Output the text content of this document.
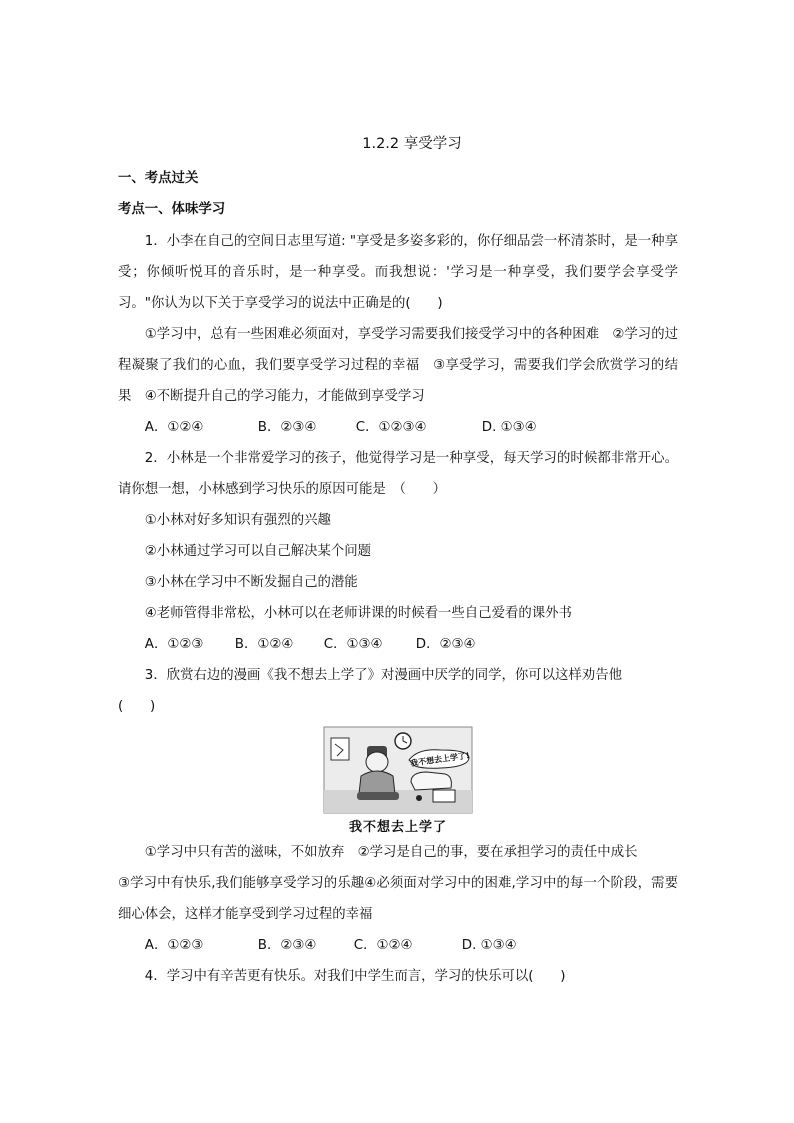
1.2.2 享受学习
一、考点过关
考点一、体味学习

1．小李在自己的空间日志里写道: "享受是多姿多彩的，你仔细品尝一杯清茶时，是一种享受；你倾听悦耳的音乐时，是一种享受。而我想说：'学习是一种享受，我们要学会享受学习。"你认为以下关于享受学习的说法中正确是的(　　)

①学习中，总有一些困难必须面对，享受学习需要我们接受学习中的各种困难　②学习的过程凝聚了我们的心血，我们要享受学习过程的幸福　③享受学习，需要我们学会欣赏学习的结果　④不断提升自己的学习能力，才能做到享受学习

A．①②④	B．②③④	C．①②③④	D. ①③④

2．小林是一个非常爱学习的孩子，他觉得学习是一种享受，每天学习的时候都非常开心。请你想一想，小林感到学习快乐的原因可能是　（　　）

①小林对好多知识有强烈的兴趣
②小林通过学习可以自己解决某个问题
③小林在学习中不断发掘自己的潜能
④老师管得非常松，小林可以在老师讲课的时候看一些自己爱看的课外书
A．①②③ B．①②④ C．①③④ D．②③④

3．欣赏右边的漫画《我不想去上学了》对漫画中厌学的同学，你可以这样劝告他

(　　)

我不想去上学了!
我不想去上学了

①学习中只有苦的滋味，不如放弃　②学习是自己的事，要在承担学习的责任中成长

③学习中有快乐,我们能够享受学习的乐趣④必须面对学习中的困难,学习中的每一个阶段，需要细心体会，这样才能享受到学习过程的幸福

A．①②③	B．②③④	C．①②④	D. ①③④

4．学习中有辛苦更有快乐。对我们中学生而言，学习的快乐可以(　　)
